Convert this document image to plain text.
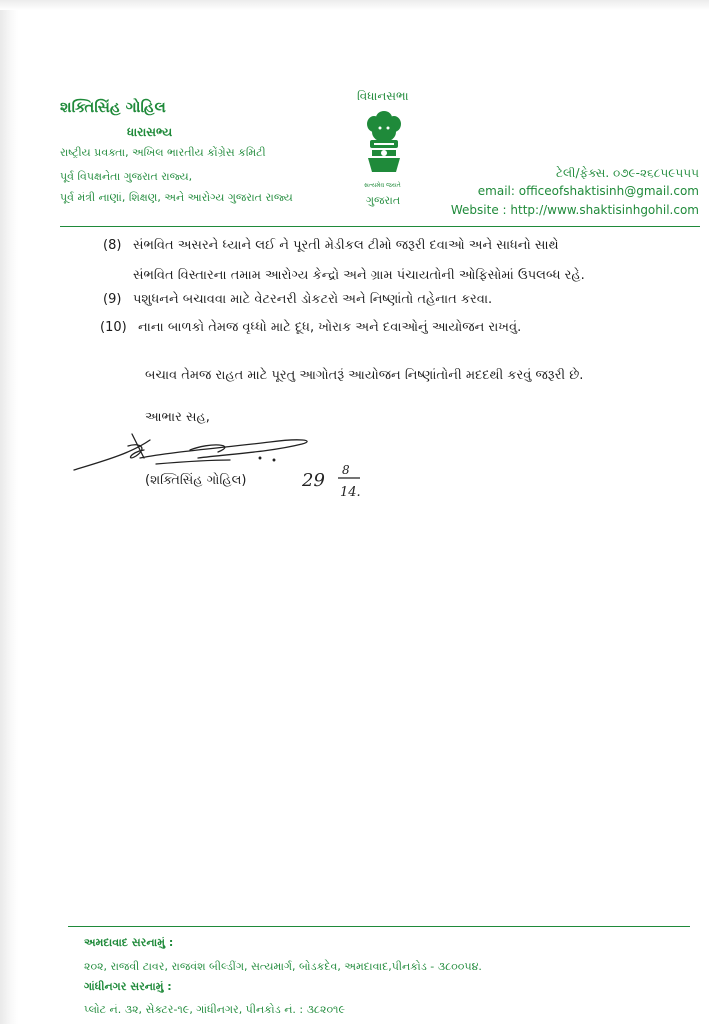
શક્તિસિંહ ગોહિલ
ધારાસભ્ય
રાષ્ટ્રીય પ્રવક્તા, અખિલ ભારતીય કોંગ્રેસ કમિટી
પૂર્વ વિપક્ષનેતા ગુજરાત રાજ્ય,
પૂર્વ મંત્રી નાણાં, શિક્ષણ, અને આરોગ્ય ગુજરાત રાજ્ય
વિધાનસભા
સત્યમેવ જયતે
ગુજરાત
ટેલી/ફેક્સ. ૦૭૯-૨૬૮૫૯૫૫૫
email: officeofshaktisinh@gmail.com
Website : http://www.shaktisinhgohil.com
(8) સંભવિત અસરને ધ્યાને લઈ ને પૂરતી મેડીકલ ટીમો જરૂરી દવાઓ અને સાધનો સાથે
સંભવિત વિસ્તારના તમામ આરોગ્ય કેન્દ્રો અને ગ્રામ પંચાયતોની ઓફિસોમાં ઉપલબ્ધ રહે.
(9) પશુધનને બચાવવા માટે વેટરનરી ડોકટરો અને નિષ્ણાંતો તહેનાત કરવા.
(10) નાના બાળકો તેમજ વૃધ્ધો માટે દૂધ, ખોરાક અને દવાઓનું આયોજન રાખવું.
બચાવ તેમજ રાહત માટે પૂરતુ આગોતરૂં આયોજન નિષ્ણાંતોની મદદથી કરવું જરૂરી છે.
આભાર સહ,
(શક્તિસિંહ ગોહિલ)	29 8
14.
અમદાવાદ સરનામું :
૨૦૨, રાજવી ટાવર, રાજવંશ બીલ્ડીંગ, સત્યમાર્ગ, બોડકદેવ, અમદાવાદ,પીનકોડ - ૩૮૦૦૫૪.
ગાંધીનગર સરનામું :
પ્લોટ નં. ૩૨, સેક્ટર-૧૯, ગાંધીનગર, પીનકોડ નં. : ૩૮૨૦૧૯
